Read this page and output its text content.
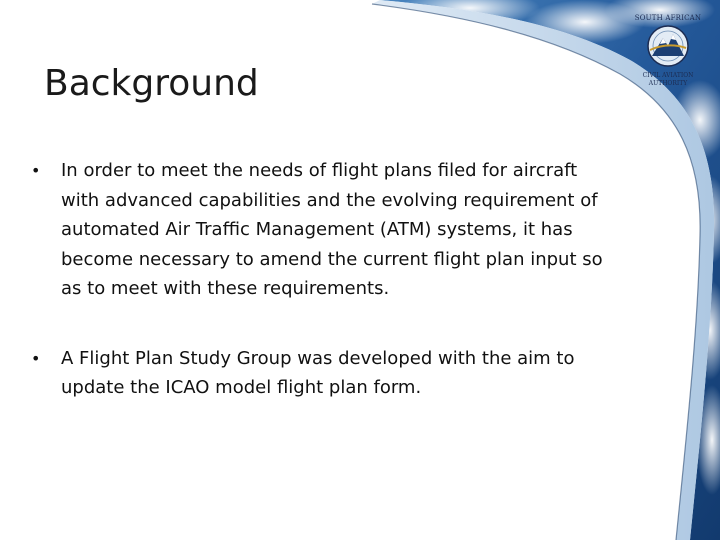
SOUTH AFRICAN
CIVIL AVIATION
AUTHORITY
Background
•	In order to meet the needs of flight plans filed for aircraft with advanced capabilities and the evolving requirement of automated Air Traffic Management (ATM) systems, it has become necessary to amend the current flight plan input so as to meet with these requirements.
•	A Flight Plan Study Group was developed with the aim to update the ICAO model flight plan form.
